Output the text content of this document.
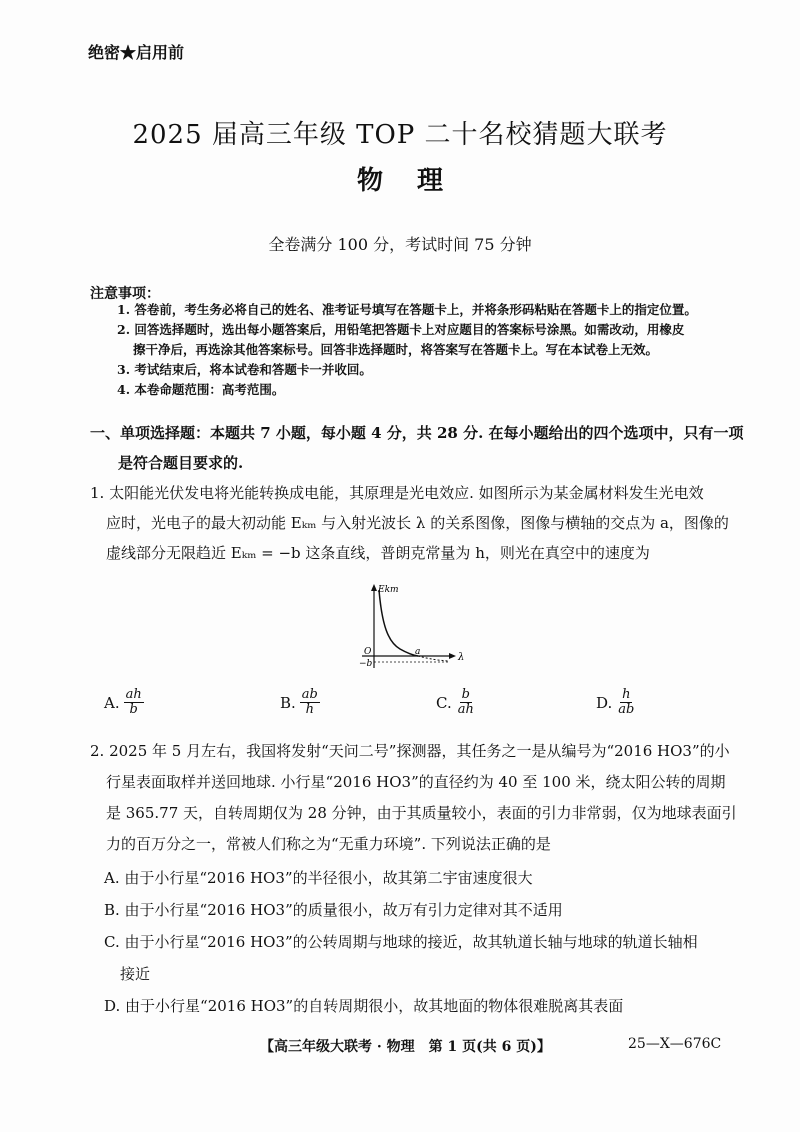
绝密★启用前
2025 届高三年级 TOP 二十名校猜题大联考
物理
全卷满分 100 分，考试时间 75 分钟
注意事项：
1. 答卷前，考生务必将自己的姓名、准考证号填写在答题卡上，并将条形码粘贴在答题卡上的指定位置。
2. 回答选择题时，选出每小题答案后，用铅笔把答题卡上对应题目的答案标号涂黑。如需改动，用橡皮
擦干净后，再选涂其他答案标号。回答非选择题时，将答案写在答题卡上。写在本试卷上无效。
3. 考试结束后，将本试卷和答题卡一并收回。
4. 本卷命题范围：高考范围。
一、单项选择题：本题共 7 小题，每小题 4 分，共 28 分. 在每小题给出的四个选项中，只有一项
是符合题目要求的.
1. 太阳能光伏发电将光能转换成电能，其原理是光电效应. 如图所示为某金属材料发生光电效
应时，光电子的最大初动能 Eₖₘ 与入射光波长 λ 的关系图像，图像与横轴的交点为 a，图像的
虚线部分无限趋近 Eₖₘ = −b 这条直线，普朗克常量为 h，则光在真空中的速度为
Ekm
λ
O
−b
a
A. $\frac{ah}{b}$	B. $\frac{ab}{h}$	C. $\frac{b}{ah}$	D. $\frac{h}{ab}$
2. 2025 年 5 月左右，我国将发射“天问二号”探测器，其任务之一是从编号为“2016 HO3”的小
行星表面取样并送回地球. 小行星“2016 HO3”的直径约为 40 至 100 米，绕太阳公转的周期
是 365.77 天，自转周期仅为 28 分钟，由于其质量较小，表面的引力非常弱，仅为地球表面引
力的百万分之一，常被人们称之为“无重力环境”. 下列说法正确的是
A. 由于小行星“2016 HO3”的半径很小，故其第二宇宙速度很大
B. 由于小行星“2016 HO3”的质量很小，故万有引力定律对其不适用
C. 由于小行星“2016 HO3”的公转周期与地球的接近，故其轨道长轴与地球的轨道长轴相
接近
D. 由于小行星“2016 HO3”的自转周期很小，故其地面的物体很难脱离其表面
【高三年级大联考 · 物理　第 1 页(共 6 页)】	25—X—676C
